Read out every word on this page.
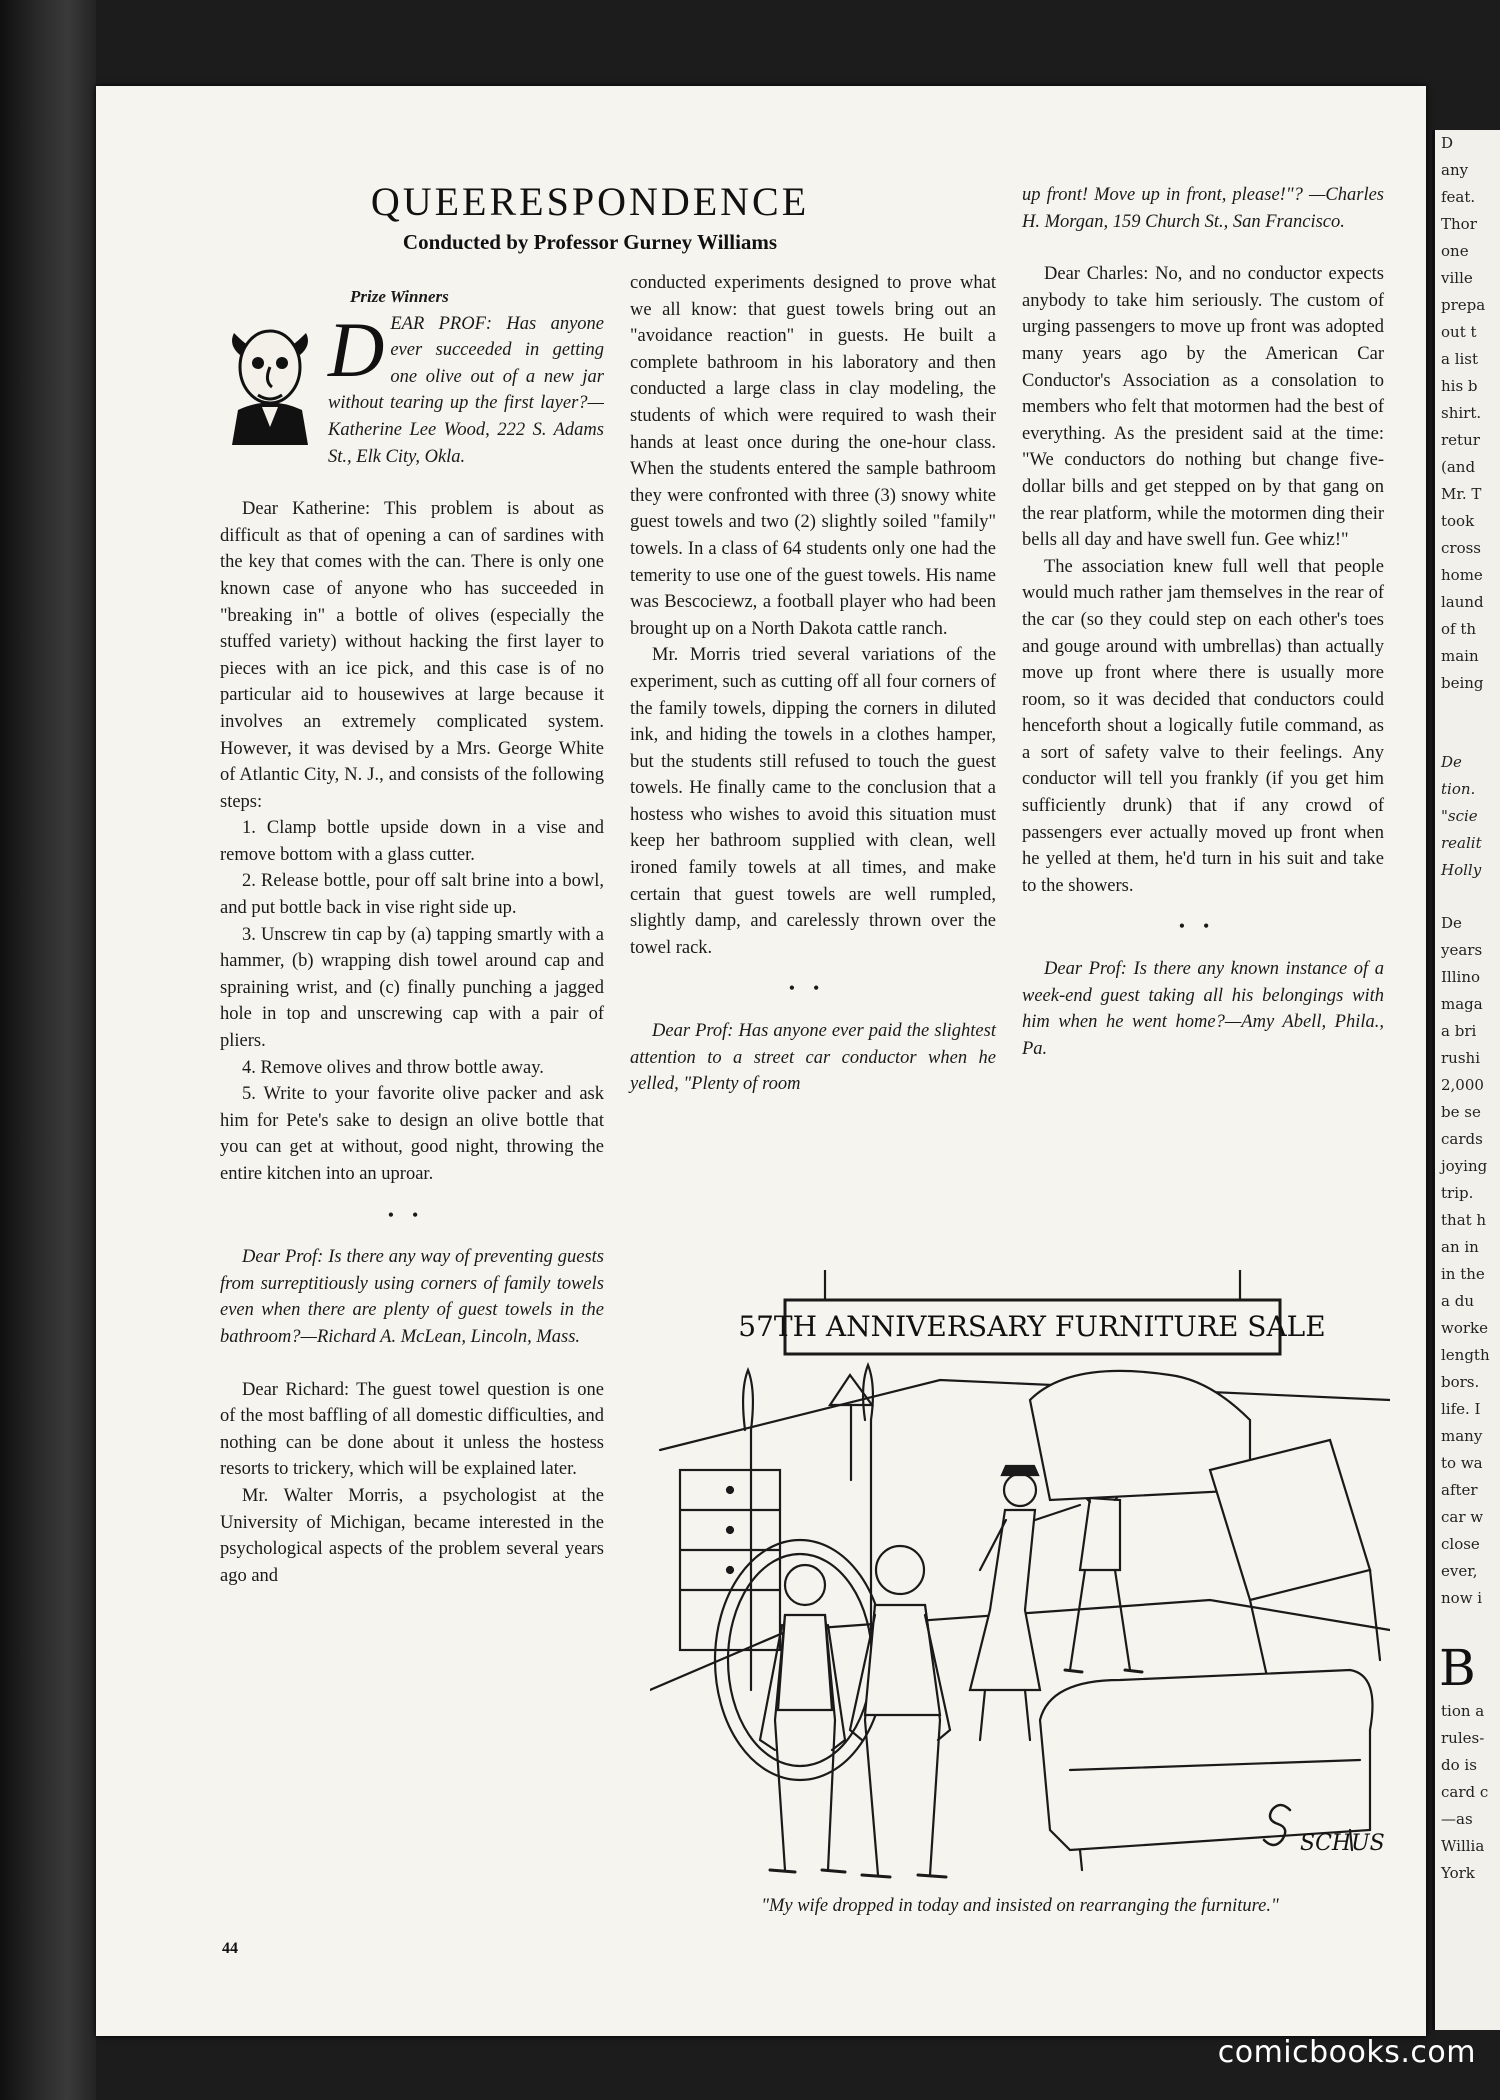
QUEERESPONDENCE
Conducted by Professor Gurney Williams

Prize Winners

D EAR PROF: Has anyone ever succeeded in getting one olive out of a new jar without tearing up the first layer?—Katherine Lee Wood, 222 S. Adams St., Elk City, Okla.

Dear Katherine: This problem is about as difficult as that of opening a can of sardines with the key that comes with the can. There is only one known case of anyone who has succeeded in "breaking in" a bottle of olives (especially the stuffed variety) without hacking the first layer to pieces with an ice pick, and this case is of no particular aid to housewives at large because it involves an extremely complicated system. However, it was devised by a Mrs. George White of Atlantic City, N. J., and consists of the following steps:

1. Clamp bottle upside down in a vise and remove bottom with a glass cutter.

2. Release bottle, pour off salt brine into a bowl, and put bottle back in vise right side up.

3. Unscrew tin cap by (a) tapping smartly with a hammer, (b) wrapping dish towel around cap and spraining wrist, and (c) finally punching a jagged hole in top and unscrewing cap with a pair of pliers.

4. Remove olives and throw bottle away.

5. Write to your favorite olive packer and ask him for Pete's sake to design an olive bottle that you can get at without, good night, throwing the entire kitchen into an uproar.

••

Dear Prof: Is there any way of preventing guests from surreptitiously using corners of family towels even when there are plenty of guest towels in the bathroom?—Richard A. McLean, Lincoln, Mass.

Dear Richard: The guest towel question is one of the most baffling of all domestic difficulties, and nothing can be done about it unless the hostess resorts to trickery, which will be explained later.

Mr. Walter Morris, a psychologist at the University of Michigan, became interested in the psychological aspects of the problem several years ago and

conducted experiments designed to prove what we all know: that guest towels bring out an "avoidance reaction" in guests. He built a complete bathroom in his laboratory and then conducted a large class in clay modeling, the students of which were required to wash their hands at least once during the one-hour class. When the students entered the sample bathroom they were confronted with three (3) snowy white guest towels and two (2) slightly soiled "family" towels. In a class of 64 students only one had the temerity to use one of the guest towels. His name was Bescociewz, a football player who had been brought up on a North Dakota cattle ranch.

Mr. Morris tried several variations of the experiment, such as cutting off all four corners of the family towels, dipping the corners in diluted ink, and hiding the towels in a clothes hamper, but the students still refused to touch the guest towels. He finally came to the conclusion that a hostess who wishes to avoid this situation must keep her bathroom supplied with clean, well ironed family towels at all times, and make certain that guest towels are well rumpled, slightly damp, and carelessly thrown over the towel rack.

••

Dear Prof: Has anyone ever paid the slightest attention to a street car conductor when he yelled, "Plenty of room

up front! Move up in front, please!"? —Charles H. Morgan, 159 Church St., San Francisco.

Dear Charles: No, and no conductor expects anybody to take him seriously. The custom of urging passengers to move up front was adopted many years ago by the American Car Conductor's Association as a consolation to members who felt that motormen had the best of everything. As the president said at the time: "We conductors do nothing but change five-dollar bills and get stepped on by that gang on the rear platform, while the motormen ding their bells all day and have swell fun. Gee whiz!"

The association knew full well that people would much rather jam themselves in the rear of the car (so they could step on each other's toes and gouge around with umbrellas) than actually move up front where there is usually more room, so it was decided that conductors could henceforth shout a logically futile command, as a sort of safety valve to their feelings. Any conductor will tell you frankly (if you get him sufficiently drunk) that if any crowd of passengers ever actually moved up front when he yelled at them, he'd turn in his suit and take to the showers.

••

Dear Prof: Is there any known instance of a week-end guest taking all his belongings with him when he went home?—Amy Abell, Phila., Pa.

57TH ANNIVERSARY FURNITURE SALE
SCHUS
"My wife dropped in today and insisted on rearranging the furniture."
44
D
any
feat.
Thor
one
ville
prepa
out t
a list
his b
shirt.
retur
(and
Mr. T
took
cross
home
laund
of th
main
being
De
tion.
"scie
realit
Holly
De
years
Illino
maga
a bri
rushi
2,000
be se
cards
joying
trip.
that h
an in
in the
a du
worke
length
bors.
life. I
many
to wa
after
car w
close
ever,
now i
B
tion a
rules-
do is
card c
—as
Willia
York
comicbooks.com
